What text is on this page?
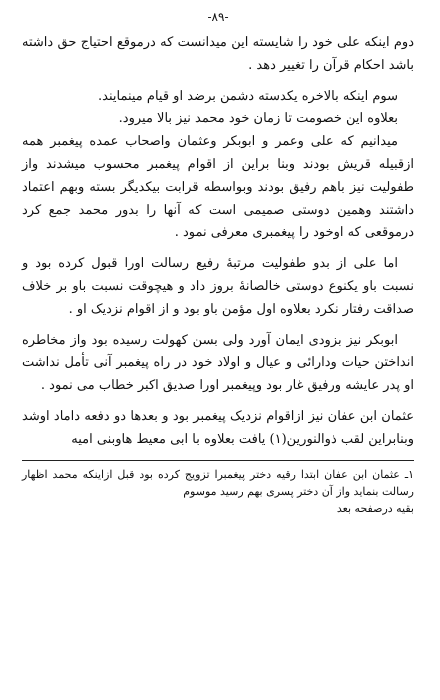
-٨٩-

دوم اینکه علی خود را شایسته این میدانست که درموقع احتیاج حق داشته باشد احکام قرآن را تغییر دهد .

سوم اینکه بالاخره یکدسته دشمن برضد او قیام مینمایند.

بعلاوه این خصومت تا زمان خود محمد نیز بالا میرود.

میدانیم که علی وعمر و ابوبکر وعثمان واصحاب عمده پیغمبر همه ازقبیله قریش بودند وبنا براین از اقوام پیغمبر محسوب میشدند واز طفولیت نیز باهم رفیق بودند وبواسطه قرابت بیکدیگر بسته وبهم اعتماد داشتند وهمین دوستی صمیمی است که آنها را بدور محمد جمع کرد درموقعی که اوخود را پیغمبری معرفی نمود .

اما علی از بدو طفولیت مرتبهٔ رفیع رسالت اورا قبول کرده بود و نسبت باو یکنوع دوستی خالصانهٔ بروز داد و هیچوقت نسبت باو بر خلاف صداقت رفتار نکرد بعلاوه اول مؤمن باو بود و از اقوام نزدیک او .

ابوبکر نیز بزودی ایمان آورد ولی بسن کهولت رسیده بود واز مخاطره انداختن حیات ودارائی و عیال و اولاد خود در راه پیغمبر آنی تأمل نداشت او پدر عایشه ورفیق غار بود وپیغمبر اورا صدیق اکبر خطاب می نمود .

عثمان ابن عفان نیز ازاقوام نزدیک پیغمبر بود و بعدها دو دفعه داماد اوشد وبنابراین لقب ذوالنورین(۱) یافت بعلاوه با ابی معیط هاوبنی امیه

۱ـ عثمان ابن عفان ابتدا رقیه دختر پیغمبرا تزویج کرده بود قبل ازاینکه محمد اظهار رسالت بنماید واز آن دختر پسری بهم رسید موسوم

بقیه درصفحه بعد
